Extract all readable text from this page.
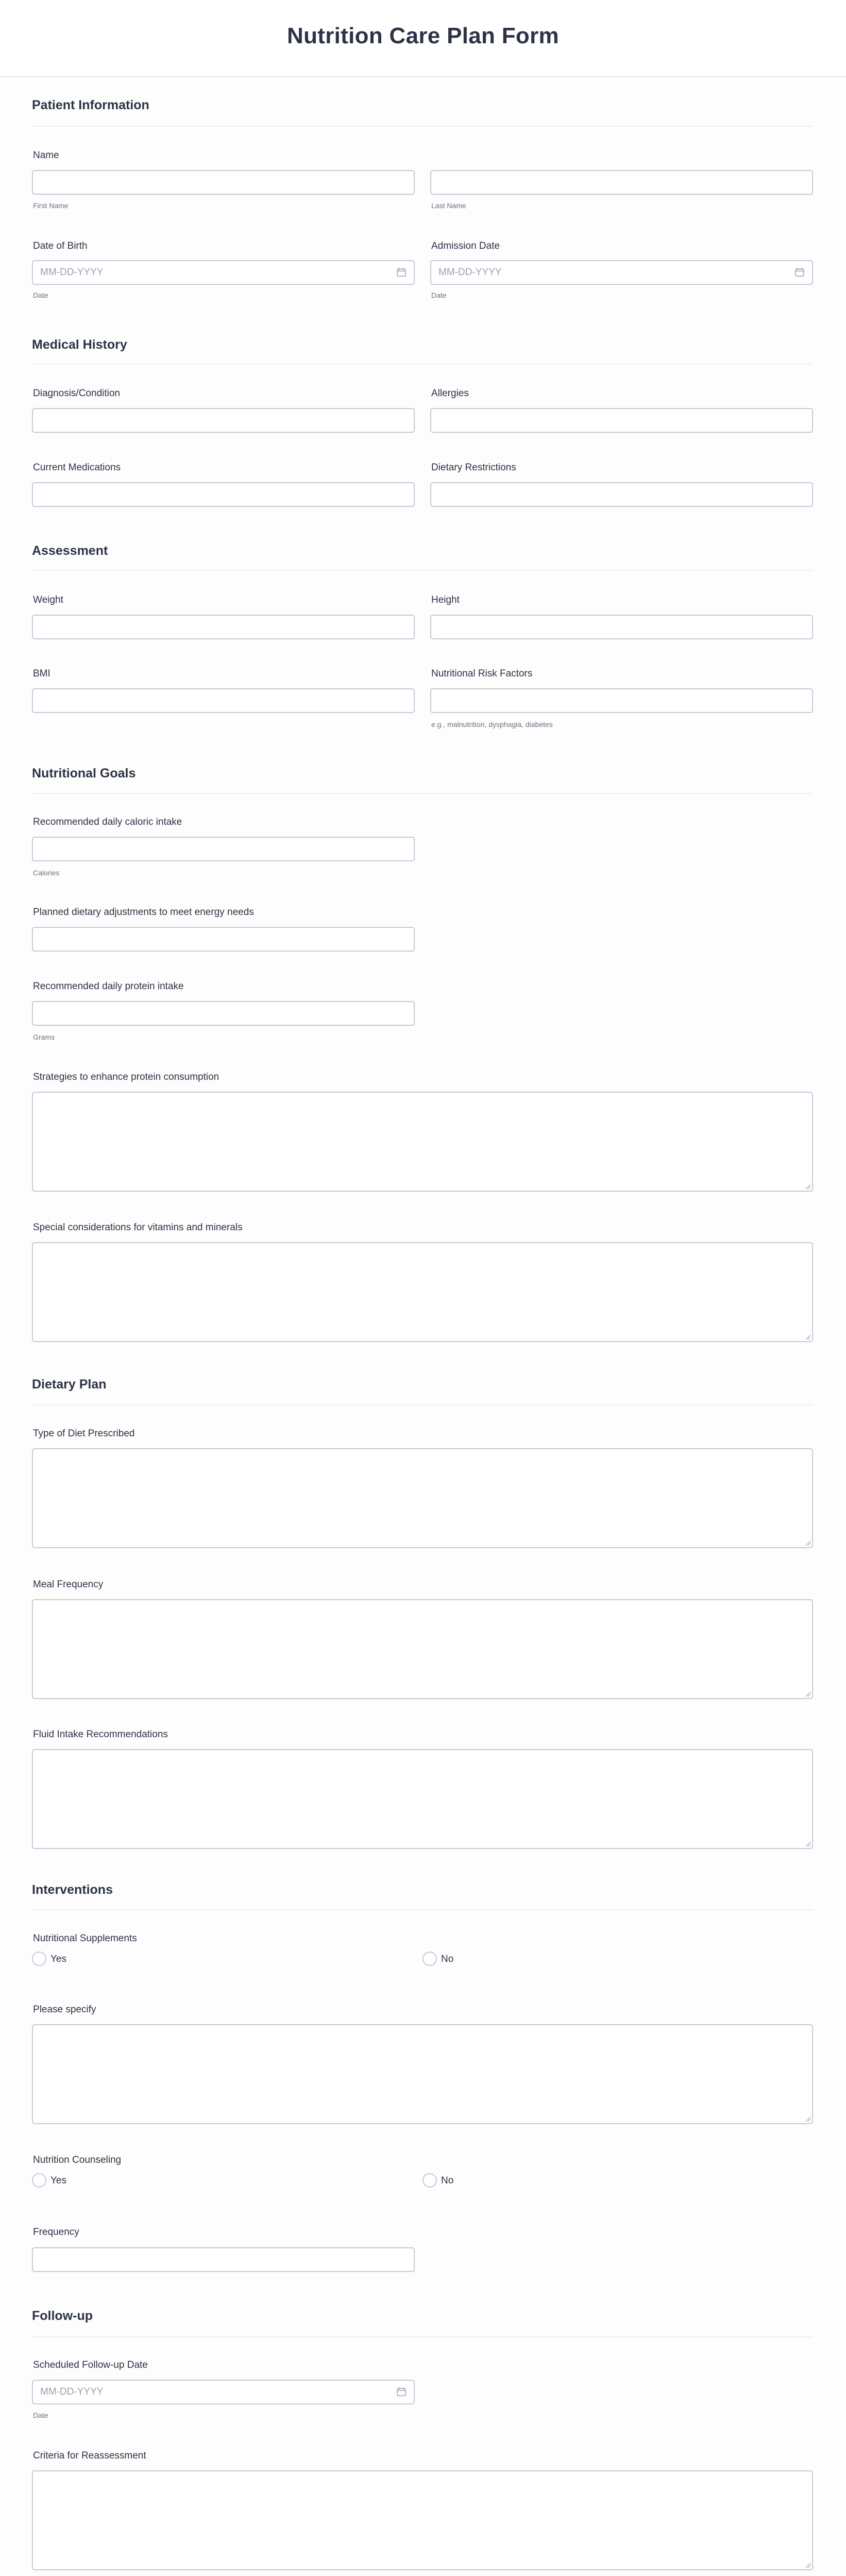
Nutrition Care Plan Form
Patient Information
Name
First Name	Last Name
Date of Birth
MM-DD-YYYY
Date
Admission Date
MM-DD-YYYY
Date
Medical History
Diagnosis/Condition	Allergies
Current Medications	Dietary Restrictions
Assessment
Weight	Height
BMI	Nutritional Risk Factors
e.g., malnutrition, dysphagia, diabetes
Nutritional Goals
Recommended daily caloric intake
Calories
Planned dietary adjustments to meet energy needs
Recommended daily protein intake
Grams
Strategies to enhance protein consumption
Special considerations for vitamins and minerals
Dietary Plan
Type of Diet Prescribed
Meal Frequency
Fluid Intake Recommendations
Interventions
Nutritional Supplements
Yes	No
Please specify
Nutrition Counseling
Yes	No
Frequency
Follow-up
Scheduled Follow-up Date
MM-DD-YYYY
Date
Criteria for Reassessment
